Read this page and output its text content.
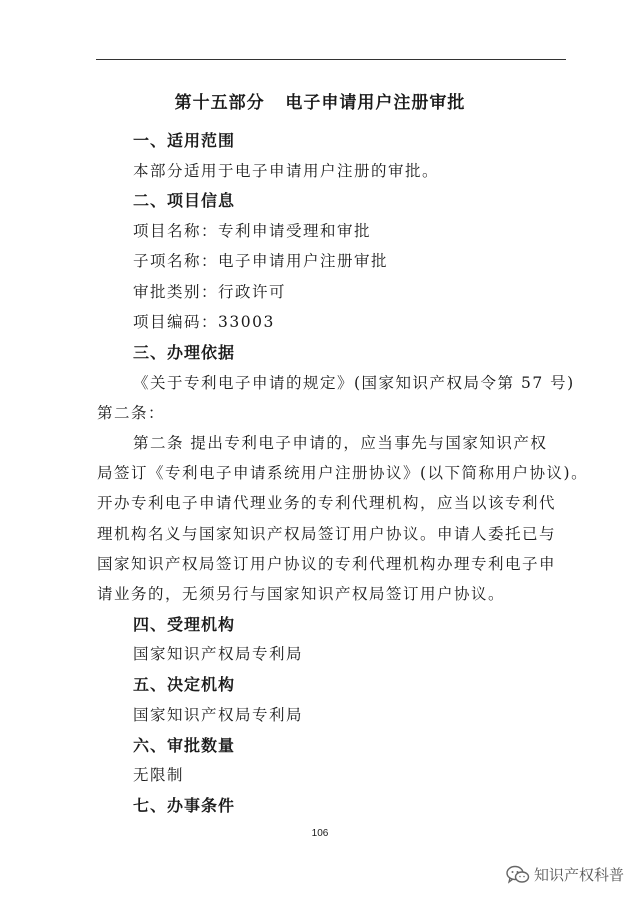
第十五部分   电子申请用户注册审批
一、适用范围
本部分适用于电子申请用户注册的审批。
二、项目信息
项目名称：专利申请受理和审批
子项名称：电子申请用户注册审批
审批类别：行政许可
项目编码：33003
三、办理依据
《关于专利电子申请的规定》(国家知识产权局令第 57 号)
第二条：
第二条 提出专利电子申请的，应当事先与国家知识产权
局签订《专利电子申请系统用户注册协议》(以下简称用户协议)。
开办专利电子申请代理业务的专利代理机构，应当以该专利代
理机构名义与国家知识产权局签订用户协议。申请人委托已与
国家知识产权局签订用户协议的专利代理机构办理专利电子申
请业务的，无须另行与国家知识产权局签订用户协议。
四、受理机构
国家知识产权局专利局
五、决定机构
国家知识产权局专利局
六、审批数量
无限制
七、办事条件
106
知识产权科普
